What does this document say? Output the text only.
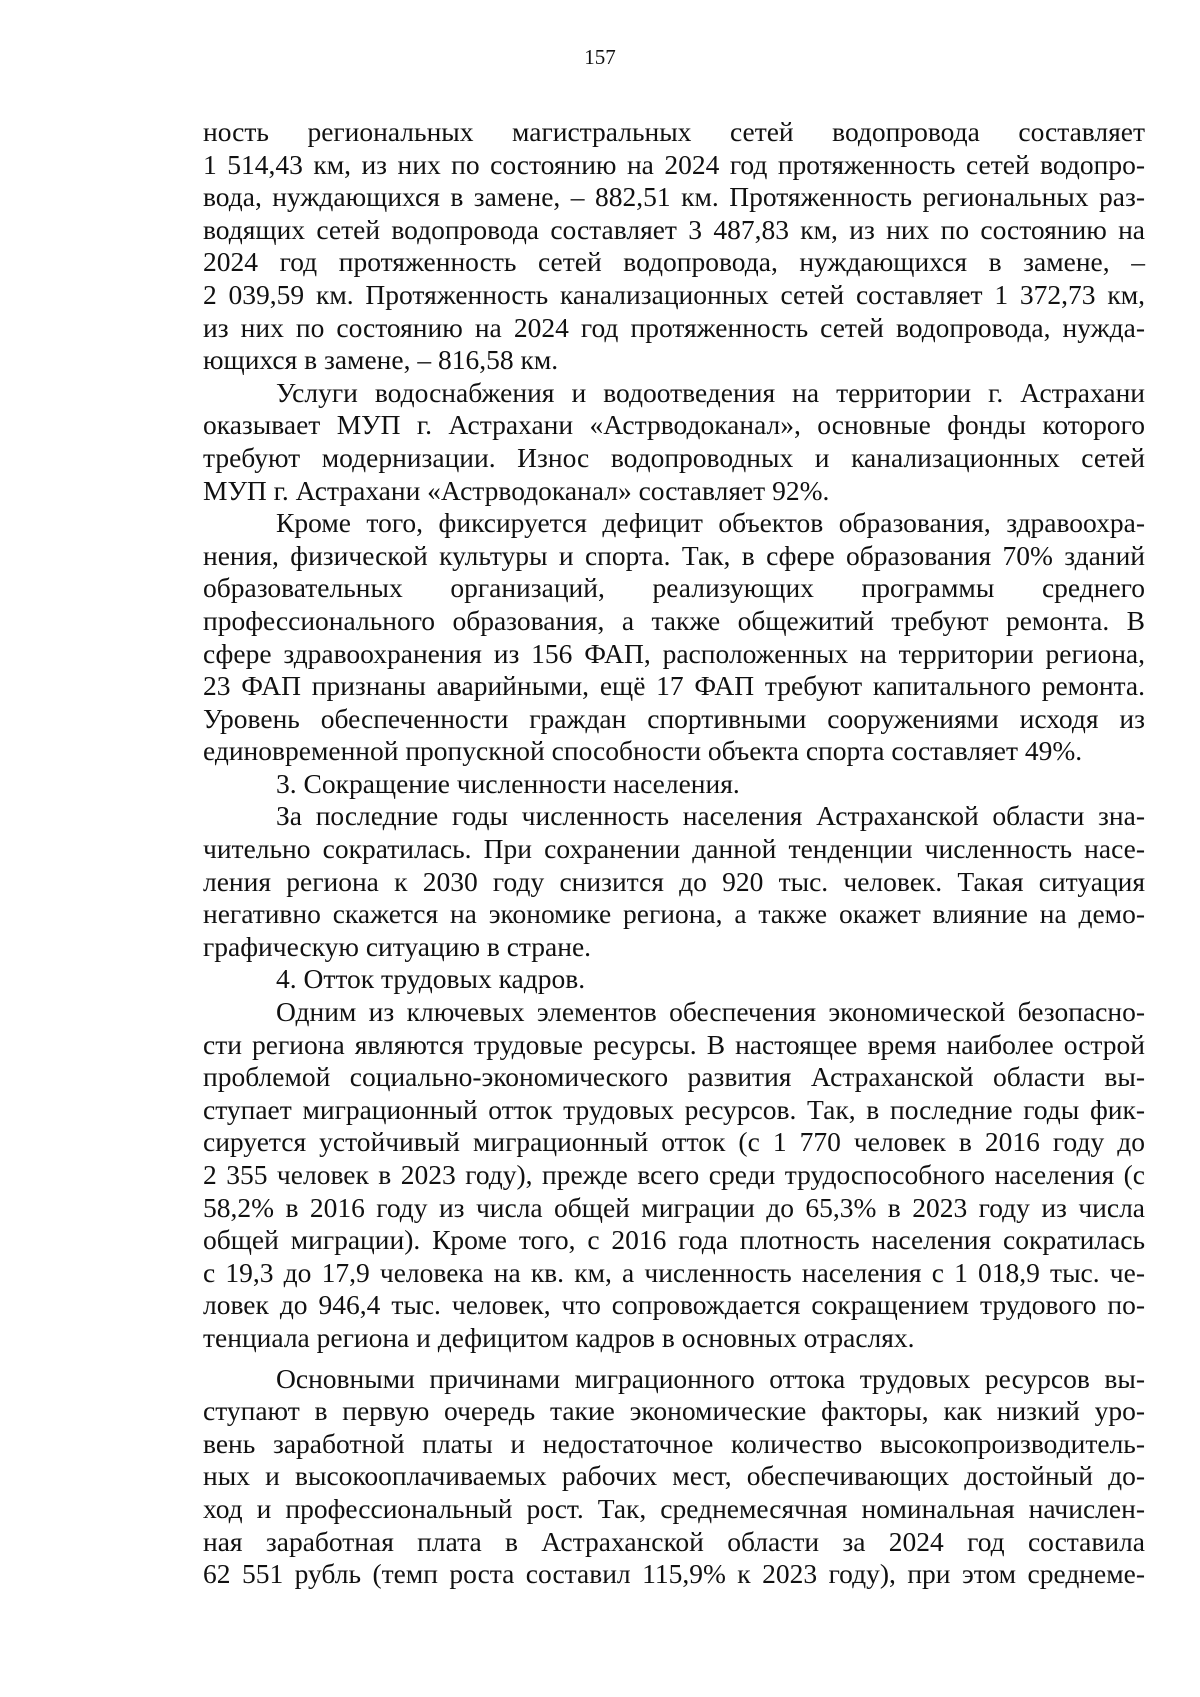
157
ность региональных магистральных сетей водопровода составляет
1 514,43 км, из них по состоянию на 2024 год протяженность сетей водопро-
вода, нуждающихся в замене, – 882,51 км. Протяженность региональных раз-
водящих сетей водопровода составляет 3 487,83 км, из них по состоянию на
2024 год протяженность сетей водопровода, нуждающихся в замене, –
2 039,59 км. Протяженность канализационных сетей составляет 1 372,73 км,
из них по состоянию на 2024 год протяженность сетей водопровода, нужда-
ющихся в замене, – 816,58 км.
Услуги водоснабжения и водоотведения на территории г. Астрахани
оказывает МУП г. Астрахани «Астрводоканал», основные фонды которого
требуют модернизации. Износ водопроводных и канализационных сетей
МУП г. Астрахани «Астрводоканал» составляет 92%.
Кроме того, фиксируется дефицит объектов образования, здравоохра-
нения, физической культуры и спорта. Так, в сфере образования 70% зданий
образовательных организаций, реализующих программы среднего
профессионального образования, а также общежитий требуют ремонта. В
сфере здравоохранения из 156 ФАП, расположенных на территории региона,
23 ФАП признаны аварийными, ещё 17 ФАП требуют капитального ремонта.
Уровень обеспеченности граждан спортивными сооружениями исходя из
единовременной пропускной способности объекта спорта составляет 49%.
3. Сокращение численности населения.
За последние годы численность населения Астраханской области зна-
чительно сократилась. При сохранении данной тенденции численность насе-
ления региона к 2030 году снизится до 920 тыс. человек. Такая ситуация
негативно скажется на экономике региона, а также окажет влияние на демо-
графическую ситуацию в стране.
4. Отток трудовых кадров.
Одним из ключевых элементов обеспечения экономической безопасно-
сти региона являются трудовые ресурсы. В настоящее время наиболее острой
проблемой социально-экономического развития Астраханской области вы-
ступает миграционный отток трудовых ресурсов. Так, в последние годы фик-
сируется устойчивый миграционный отток (с 1 770 человек в 2016 году до
2 355 человек в 2023 году), прежде всего среди трудоспособного населения (с
58,2% в 2016 году из числа общей миграции до 65,3% в 2023 году из числа
общей миграции). Кроме того, с 2016 года плотность населения сократилась
с 19,3 до 17,9 человека на кв. км, а численность населения с 1 018,9 тыс. че-
ловек до 946,4 тыс. человек, что сопровождается сокращением трудового по-
тенциала региона и дефицитом кадров в основных отраслях.
Основными причинами миграционного оттока трудовых ресурсов вы-
ступают в первую очередь такие экономические факторы, как низкий уро-
вень заработной платы и недостаточное количество высокопроизводитель-
ных и высокооплачиваемых рабочих мест, обеспечивающих достойный до-
ход и профессиональный рост. Так, среднемесячная номинальная начислен-
ная заработная плата в Астраханской области за 2024 год составила
62 551 рубль (темп роста составил 115,9% к 2023 году), при этом среднеме-
